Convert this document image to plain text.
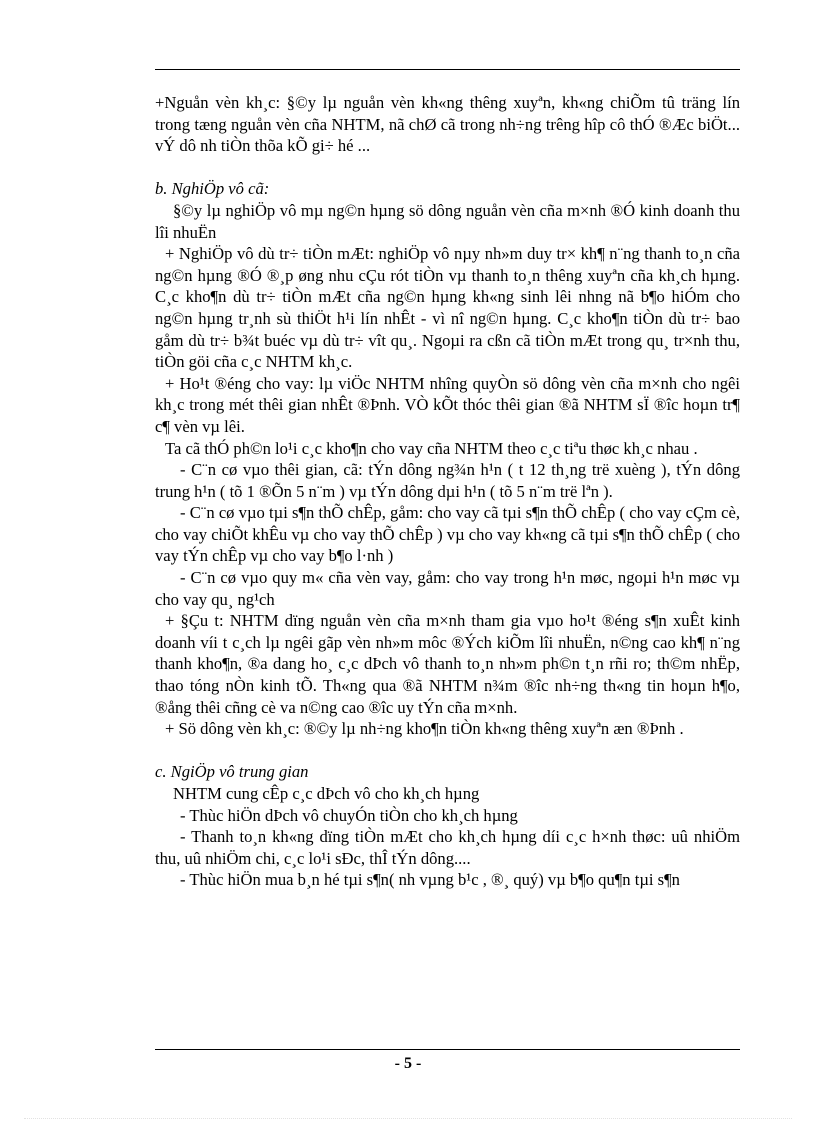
+Nguån vèn kh¸c: §©y lµ nguån vèn kh«ng thêng xuyªn, kh«ng chiÕm tû träng lín trong tæng nguån vèn cña NHTM, nã chØ cã trong nh÷ng trêng hîp cô thÓ ®Æc biÖt... vÝ dô nh tiÒn thõa kÕ gi÷ hé ...

b. NghiÖp vô cã:

§©y lµ nghiÖp vô mµ ng©n hµng sö dông nguån vèn cña m×nh ®Ó kinh doanh thu lîi nhuËn

+ NghiÖp vô dù tr÷ tiÒn mÆt: nghiÖp vô nµy nh»m duy tr× kh¶ n¨ng thanh to¸n cña ng©n hµng ®Ó ®¸p øng nhu cÇu rót tiÒn vµ thanh to¸n thêng xuyªn cña kh¸ch hµng. C¸c kho¶n dù tr÷ tiÒn mÆt cña ng©n hµng kh«ng sinh lêi nhng nã b¶o hiÓm cho ng©n hµng tr¸nh sù thiÖt h¹i lín nhÊt - vì nî ng©n hµng. C¸c kho¶n tiÒn dù tr÷ bao gåm dù tr÷ b¾t buéc vµ dù tr÷ vît qu¸. Ngoµi ra cßn cã tiÒn mÆt trong qu¸ tr×nh thu, tiÒn göi cña c¸c NHTM kh¸c.

+ Ho¹t ®éng cho vay: lµ viÖc NHTM nhîng quyÒn sö dông vèn cña m×nh cho ngêi kh¸c trong mét thêi gian nhÊt ®Þnh. VÒ kÕt thóc thêi gian ®ã NHTM sÏ ®îc hoµn tr¶ c¶ vèn vµ lêi.

Ta cã thÓ ph©n lo¹i c¸c kho¶n cho vay cña NHTM theo c¸c tiªu thøc kh¸c nhau .

- C¨n cø vµo thêi gian, cã: tÝn dông ng¾n h¹n ( t 12 th¸ng trë xuèng ), tÝn dông trung h¹n ( tõ 1 ®Õn 5 n¨m ) vµ tÝn dông dµi h¹n ( tõ 5 n¨m trë lªn ).

- C¨n cø vµo tµi s¶n thÕ chÊp, gåm: cho vay cã tµi s¶n thÕ chÊp ( cho vay cÇm cè, cho vay chiÕt khÊu vµ cho vay thÕ chÊp ) vµ cho vay kh«ng cã tµi s¶n thÕ chÊp ( cho vay tÝn chÊp vµ cho vay b¶o l·nh )

- C¨n cø vµo quy m« cña vèn vay, gåm: cho vay trong h¹n møc, ngoµi h¹n møc vµ cho vay qu¸ ng¹ch

+ §Çu t: NHTM dïng nguån vèn cña m×nh tham gia vµo ho¹t ®éng s¶n xuÊt kinh doanh víi t c¸ch lµ ngêi gãp vèn nh»m môc ®Ých kiÕm lîi nhuËn, n©ng cao kh¶ n¨ng thanh kho¶n, ®a dang ho¸ c¸c dÞch vô thanh to¸n nh»m ph©n t¸n rñi ro; th©m nhËp, thao tóng nÒn kinh tÕ. Th«ng qua ®ã NHTM n¾m ®îc nh÷ng th«ng tin hoµn h¶o, ®ång thêi cñng cè va n©ng cao ®îc uy tÝn cña m×nh.

+ Sö dông vèn kh¸c: ®©y lµ nh÷ng kho¶n tiÒn kh«ng thêng xuyªn æn ®Þnh .

c. NgiÖp vô trung gian

NHTM cung cÊp c¸c dÞch vô cho kh¸ch hµng

- Thùc hiÖn dÞch vô chuyÓn tiÒn cho kh¸ch hµng

- Thanh to¸n kh«ng dïng tiÒn mÆt cho kh¸ch hµng díi c¸c h×nh thøc: uû nhiÖm thu, uû nhiÖm chi, c¸c lo¹i sÐc, thÎ tÝn dông....

- Thùc hiÖn mua b¸n hé tµi s¶n( nh vµng b¹c , ®¸ quý) vµ b¶o qu¶n tµi s¶n

- 5 -
